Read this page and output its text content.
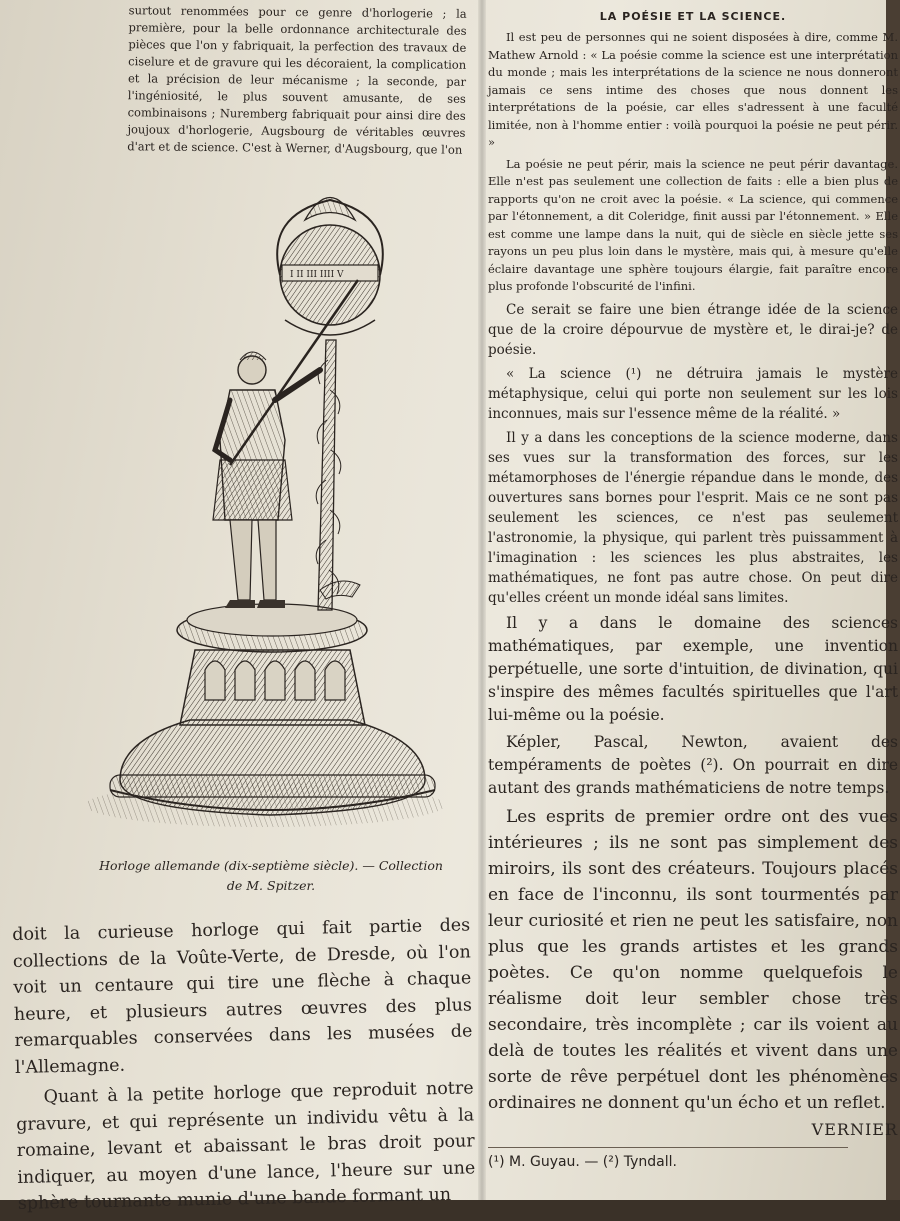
surtout renommées pour ce genre d'horlogerie ; la première, pour la belle ordonnance architecturale des pièces que l'on y fabriquait, la perfection des travaux de ciselure et de gravure qui les décoraient, la complication et la précision de leur mécanisme ; la seconde, par l'ingéniosité, le plus souvent amusante, de ses combinaisons ; Nuremberg fabriquait pour ainsi dire des joujoux d'horlogerie, Augsbourg de véritables œuvres d'art et de science. C'est à Werner, d'Augsbourg, que l'on

I II III IIII V
Horloge allemande (dix-septième siècle). — Collection
de M. Spitzer.

doit la curieuse horloge qui fait partie des collections de la Voûte-Verte, de Dresde, où l'on voit un centaure qui tire une flèche à chaque heure, et plusieurs autres œuvres des plus remarquables conservées dans les musées de l'Allemagne.

Quant à la petite horloge que reproduit notre gravure, et qui représente un individu vêtu à la romaine, levant et abaissant le bras droit pour indiquer, au moyen d'une lance, l'heure sur une sphère tournante munie d'une bande formant un

LA POÉSIE ET LA SCIENCE.

Il est peu de personnes qui ne soient disposées à dire, comme M. Mathew Arnold : « La poésie comme la science est une interprétation du monde ; mais les interprétations de la science ne nous donneront jamais ce sens intime des choses que nous donnent les interprétations de la poésie, car elles s'adressent à une faculté limitée, non à l'homme entier : voilà pourquoi la poésie ne peut périr. »

La poésie ne peut périr, mais la science ne peut périr davantage. Elle n'est pas seulement une collection de faits : elle a bien plus de rapports qu'on ne croit avec la poésie. « La science, qui commence par l'étonnement, a dit Coleridge, finit aussi par l'étonnement. » Elle est comme une lampe dans la nuit, qui de siècle en siècle jette ses rayons un peu plus loin dans le mystère, mais qui, à mesure qu'elle éclaire davantage une sphère toujours élargie, fait paraître encore plus profonde l'obscurité de l'infini.

Ce serait se faire une bien étrange idée de la science que de la croire dépourvue de mystère et, le dirai-je? de poésie.

« La science (¹) ne détruira jamais le mystère métaphysique, celui qui porte non seulement sur les lois inconnues, mais sur l'essence même de la réalité. »

Il y a dans les conceptions de la science moderne, dans ses vues sur la transformation des forces, sur les métamorphoses de l'énergie répandue dans le monde, des ouvertures sans bornes pour l'esprit. Mais ce ne sont pas seulement les sciences, ce n'est pas seulement l'astronomie, la physique, qui parlent très puissamment à l'imagination : les sciences les plus abstraites, les mathématiques, ne font pas autre chose. On peut dire qu'elles créent un monde idéal sans limites.

Il y a dans le domaine des sciences mathématiques, par exemple, une invention perpétuelle, une sorte d'intuition, de divination, qui s'inspire des mêmes facultés spirituelles que l'art lui-même ou la poésie.

Képler, Pascal, Newton, avaient des tempéraments de poètes (²). On pourrait en dire autant des grands mathématiciens de notre temps.

Les esprits de premier ordre ont des vues intérieures ; ils ne sont pas simplement des miroirs, ils sont des créateurs. Toujours placés en face de l'inconnu, ils sont tourmentés par leur curiosité et rien ne peut les satisfaire, non plus que les grands artistes et les grands poètes. Ce qu'on nomme quelquefois le réalisme doit leur sembler chose très secondaire, très incomplète ; car ils voient au delà de toutes les réalités et vivent dans une sorte de rêve perpétuel dont les phénomènes ordinaires ne donnent qu'un écho et un reflet.

VERNIER
(¹) M. Guyau. — (²) Tyndall.
